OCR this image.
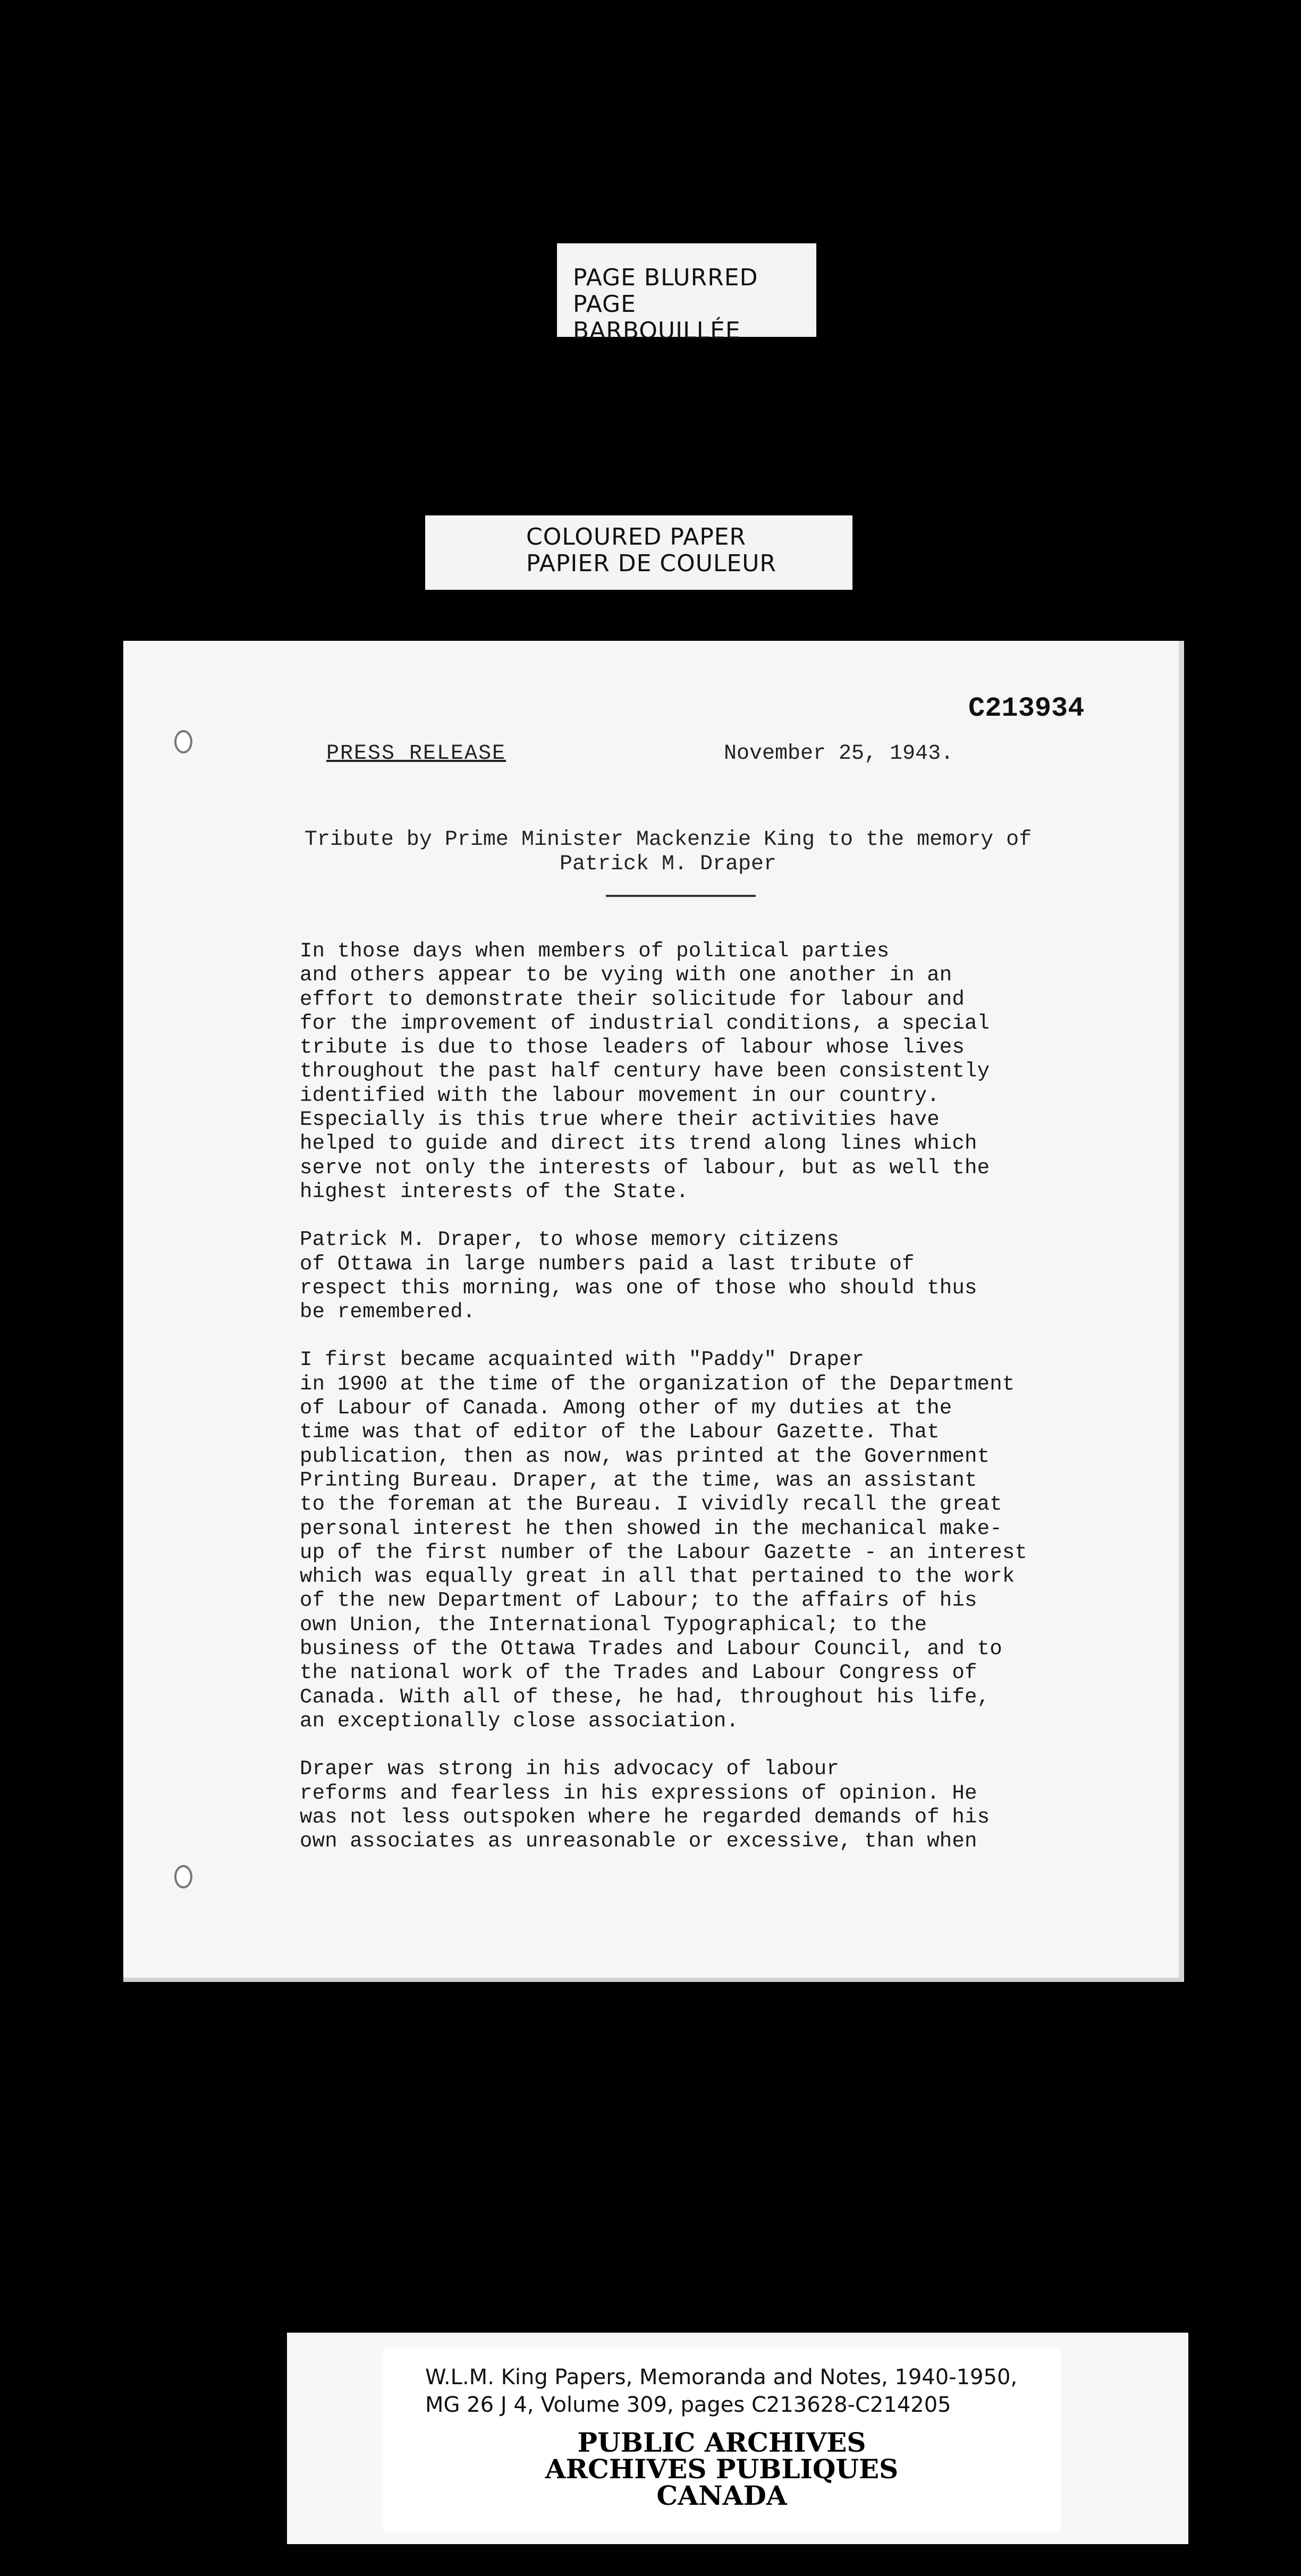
PAGE BLURRED
PAGE BARBOUILLÉE
COLOURED PAPER
PAPIER DE COULEUR
C213934
PRESS RELEASE	November 25, 1943.
Tribute by Prime Minister Mackenzie King to the memory of
Patrick M. Draper

In those days when members of political parties
and others appear to be vying with one another in an
effort to demonstrate their solicitude for labour and
for the improvement of industrial conditions, a special
tribute is due to those leaders of labour whose lives
throughout the past half century have been consistently
identified with the labour movement in our country.
Especially is this true where their activities have
helped to guide and direct its trend along lines which
serve not only the interests of labour, but as well the
highest interests of the State.

Patrick M. Draper, to whose memory citizens
of Ottawa in large numbers paid a last tribute of
respect this morning, was one of those who should thus
be remembered.

I first became acquainted with "Paddy" Draper
in 1900 at the time of the organization of the Department
of Labour of Canada. Among other of my duties at the
time was that of editor of the Labour Gazette. That
publication, then as now, was printed at the Government
Printing Bureau. Draper, at the time, was an assistant
to the foreman at the Bureau. I vividly recall the great
personal interest he then showed in the mechanical make-
up of the first number of the Labour Gazette - an interest
which was equally great in all that pertained to the work
of the new Department of Labour; to the affairs of his
own Union, the International Typographical; to the
business of the Ottawa Trades and Labour Council, and to
the national work of the Trades and Labour Congress of
Canada. With all of these, he had, throughout his life,
an exceptionally close association.

Draper was strong in his advocacy of labour
reforms and fearless in his expressions of opinion. He
was not less outspoken where he regarded demands of his
own associates as unreasonable or excessive, than when

W.L.M. King Papers, Memoranda and Notes, 1940-1950,
MG 26 J 4, Volume 309, pages C213628-C214205
PUBLIC ARCHIVES
ARCHIVES PUBLIQUES
CANADA
